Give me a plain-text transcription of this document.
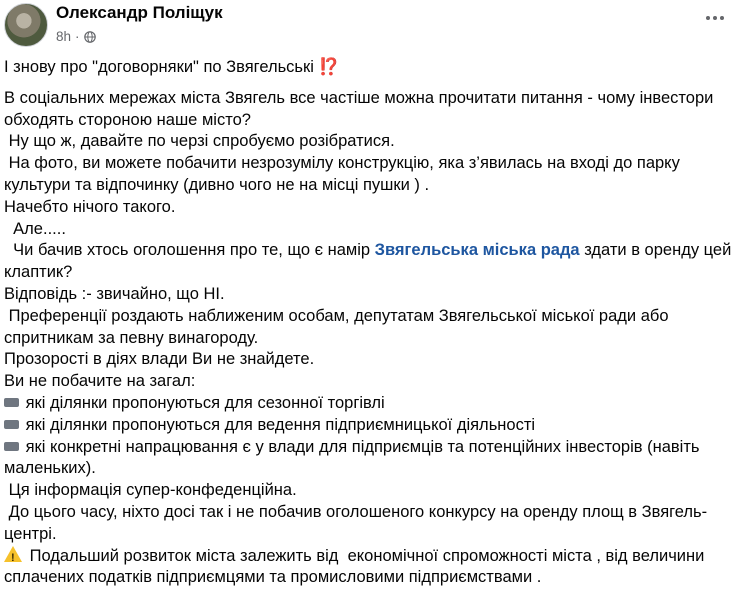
Олександр Поліщук
8h ·

І знову про "договорняки" по Звягельські ⁉️

В соціальних мережах міста Звягель все частіше можна прочитати питання - чому інвестори обходять стороною наше місто?

Ну що ж, давайте по черзі спробуємо розібратися.

На фото, ви можете побачити незрозумілу конструкцію, яка з’явилась на вході до парку культури та відпочинку (дивно чого не на місці пушки ) .

Начебто нічого такого.

Але.....

Чи бачив хтось оголошення про те, що є намір Звягельська міська рада здати в оренду цей клаптик?

Відповідь :- звичайно, що НІ.

Преференції роздають наближеним особам, депутатам Звягельської міської ради або спритникам за певну винагороду.

Прозорості в діях влади Ви не знайдете.

Ви не побачите на загал:

які ділянки пропонуються для сезонної торгівлі

які ділянки пропонуються для ведення підприємницької діяльності

які конкретні напрацювання є у влади для підприємців та потенційних інвесторів (навіть маленьких).

Ця інформація супер-конфеденційна.

До цього часу, ніхто досі так і не побачив оголошеного конкурсу на оренду площ в Звягель-центрі.

! Подальший розвиток міста залежить від  економічної спроможності міста , від величини сплачених податків підприємцями та промисловими підприємствами .
